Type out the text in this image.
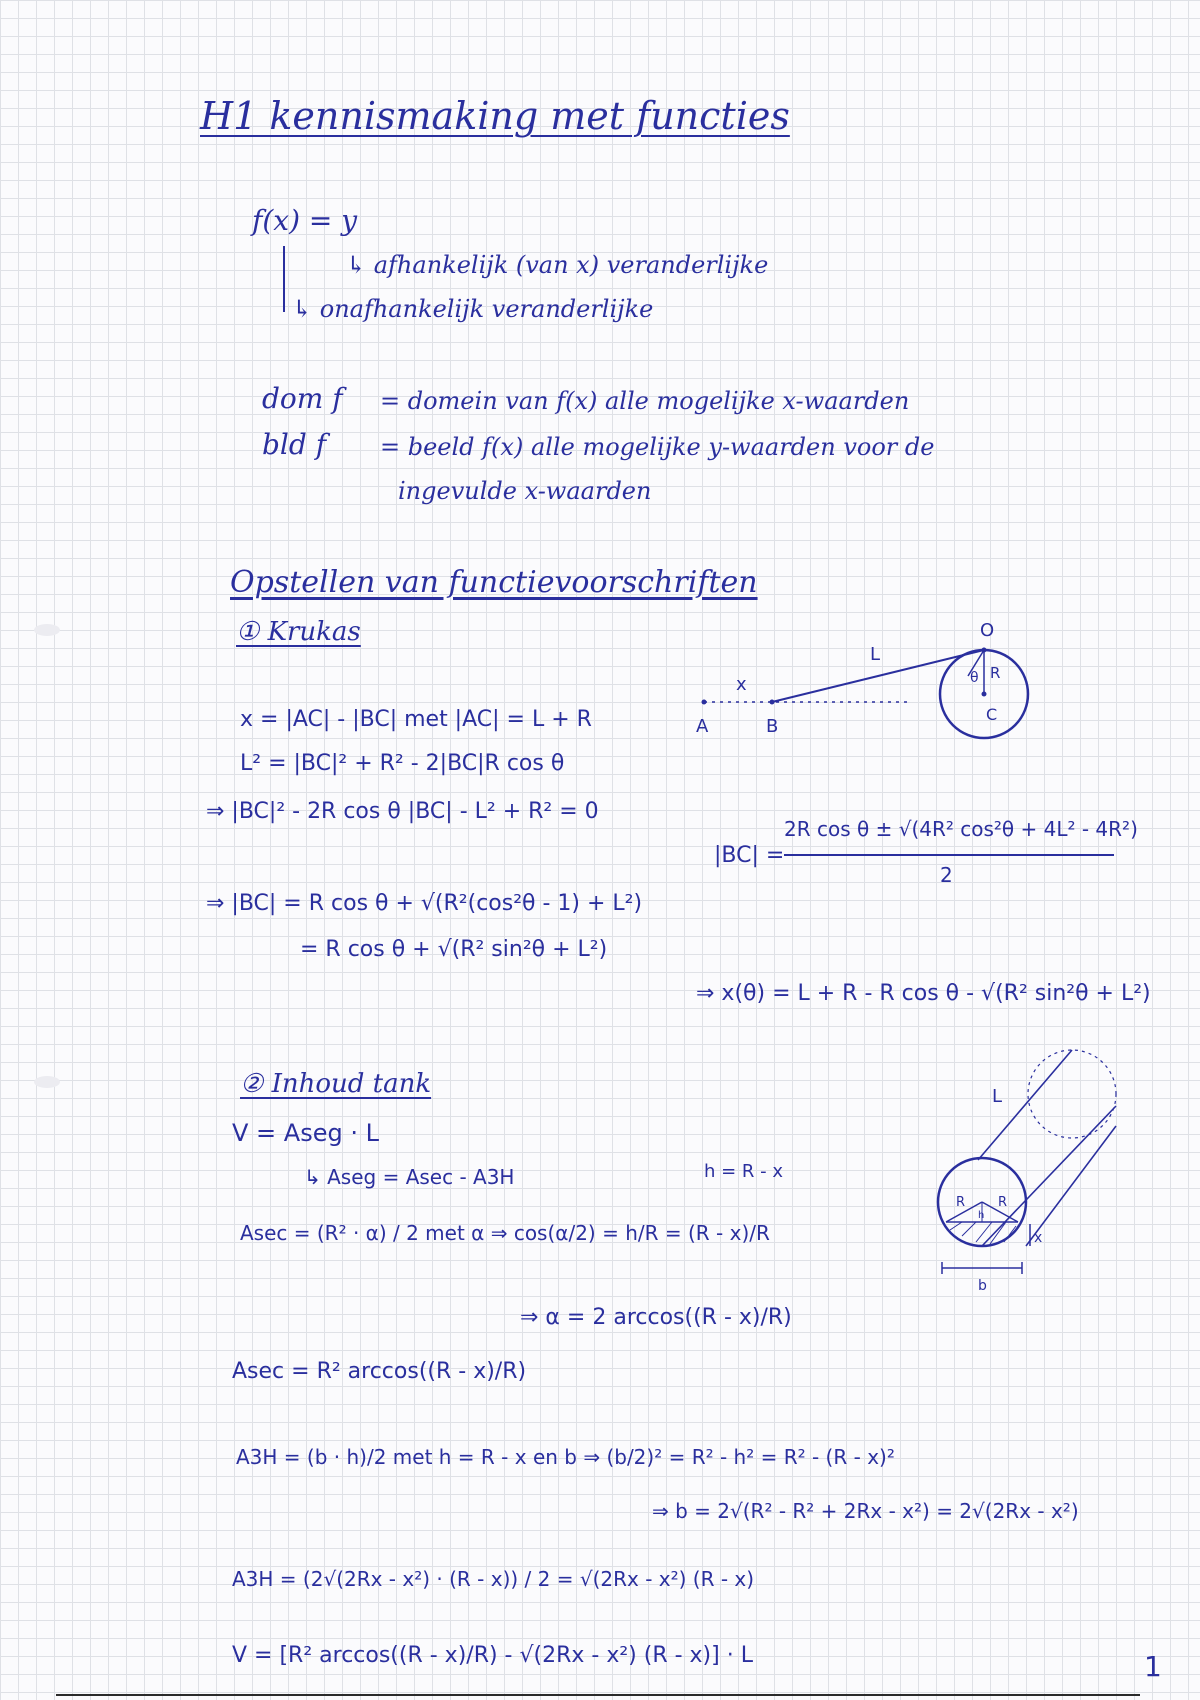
H1 kennismaking met functies
f(x) = y
↳ afhankelijk (van x) veranderlijke
↳ onafhankelijk veranderlijke
dom f = domein van f(x) alle mogelijke x-waarden
bld f = beeld f(x) alle mogelijke y-waarden voor de
ingevulde x-waarden
Opstellen van functievoorschriften
① Krukas
A	B
C
O
L
x
R
θ
x = |AC| - |BC| met |AC| = L + R
L² = |BC|² + R² - 2|BC|R cos θ
⇒ |BC|² - 2R cos θ |BC| - L² + R² = 0
|BC| =
2R cos θ ± √(4R² cos²θ + 4L² - 4R²)
2
⇒ |BC| = R cos θ + √(R²(cos²θ - 1) + L²)
= R cos θ + √(R² sin²θ + L²)
⇒ x(θ) = L + R - R cos θ - √(R² sin²θ + L²)
② Inhoud tank
V = Aseg · L
↳ Aseg = Asec - A3H	h = R - x
Asec = (R² · α) / 2 met α ⇒ cos(α/2) = h/R = (R - x)/R
L
R	R
h
x
b
⇒ α = 2 arccos((R - x)/R)
Asec = R² arccos((R - x)/R)
A3H = (b · h)/2 met h = R - x en b ⇒ (b/2)² = R² - h² = R² - (R - x)²
⇒ b = 2√(R² - R² + 2Rx - x²) = 2√(2Rx - x²)
A3H = (2√(2Rx - x²) · (R - x)) / 2 = √(2Rx - x²) (R - x)
V = [R² arccos((R - x)/R) - √(2Rx - x²) (R - x)] · L	1
